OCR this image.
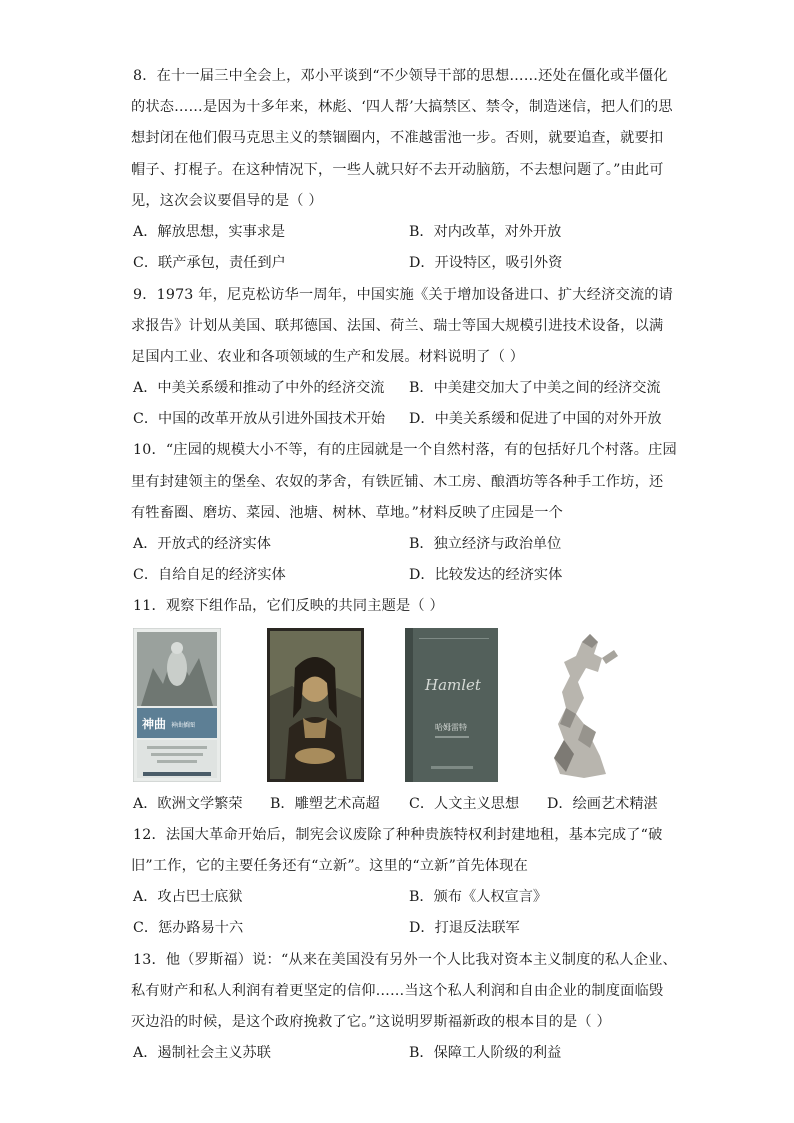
8．在十一届三中全会上，邓小平谈到“不少领导干部的思想……还处在僵化或半僵化
的状态……是因为十多年来，林彪、‘四人帮’大搞禁区、禁令，制造迷信，把人们的思
想封闭在他们假马克思主义的禁锢圈内，不准越雷池一步。否则，就要追查，就要扣
帽子、打棍子。在这种情况下，一些人就只好不去开动脑筋，不去想问题了。”由此可
见，这次会议要倡导的是（ ）
A．解放思想，实事求是	B．对内改革，对外开放
C．联产承包，责任到户	D．开设特区，吸引外资
9．1973 年，尼克松访华一周年，中国实施《关于增加设备进口、扩大经济交流的请
求报告》计划从美国、联邦德国、法国、荷兰、瑞士等国大规模引进技术设备，以满
足国内工业、农业和各项领域的生产和发展。材料说明了（ ）
A．中美关系缓和推动了中外的经济交流 B．中美建交加大了中美之间的经济交流
C．中国的改革开放从引进外国技术开始 D．中美关系缓和促进了中国的对外开放
10．“庄园的规模大小不等，有的庄园就是一个自然村落，有的包括好几个村落。庄园
里有封建领主的堡垒、农奴的茅舍，有铁匠铺、木工房、酿酒坊等各种手工作坊，还
有牲畜圈、磨坊、菜园、池塘、树林、草地。”材料反映了庄园是一个
A．开放式的经济实体	B．独立经济与政治单位
C．自给自足的经济实体	D．比较发达的经济实体
11．观察下组作品，它们反映的共同主题是（ ）
神曲 神曲插图
Hamlet
哈姆雷特
A．欧洲文学繁荣 B．雕塑艺术高超 C．人文主义思想 D．绘画艺术精湛
12．法国大革命开始后，制宪会议废除了种种贵族特权利封建地租，基本完成了“破
旧”工作，它的主要任务还有“立新”。这里的“立新”首先体现在
A．攻占巴士底狱	B．颁布《人权宣言》
C．惩办路易十六	D．打退反法联军
13．他（罗斯福）说：“从来在美国没有另外一个人比我对资本主义制度的私人企业、
私有财产和私人利润有着更坚定的信仰……当这个私人利润和自由企业的制度面临毁
灭边沿的时候，是这个政府挽救了它。”这说明罗斯福新政的根本目的是（ ）
A．遏制社会主义苏联	B．保障工人阶级的利益
